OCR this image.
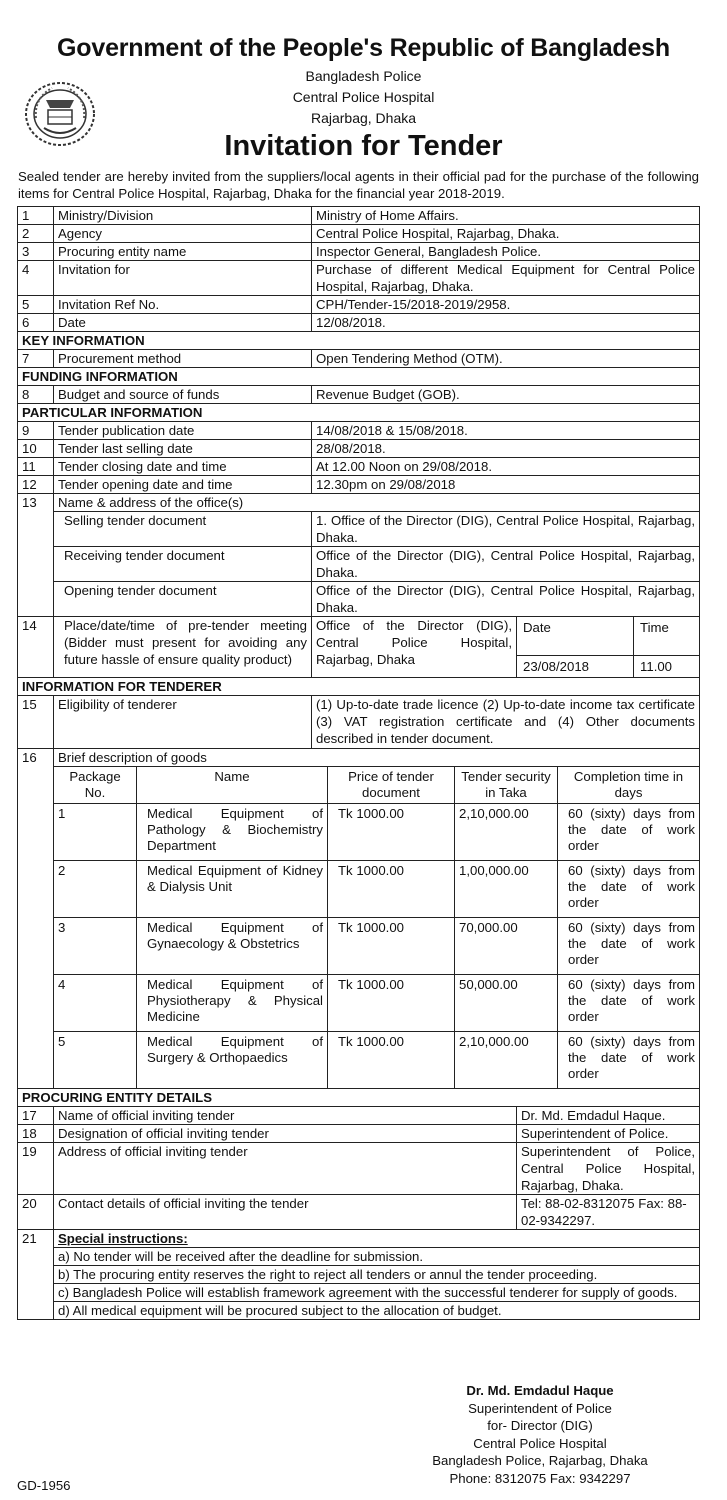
Government of the People's Republic of Bangladesh
Bangladesh Police
Central Police Hospital
Rajarbag, Dhaka
Invitation for Tender
Sealed tender are hereby invited from the suppliers/local agents in their official pad for the purchase of the following items for Central Police Hospital, Rajarbag, Dhaka for the financial year 2018-2019.
1	Ministry/Division	Ministry of Home Affairs.
2	Agency	Central Police Hospital, Rajarbag, Dhaka.
3	Procuring entity name	Inspector General, Bangladesh Police.
4	Invitation for	Purchase of different Medical Equipment for Central Police Hospital, Rajarbag, Dhaka.
5	Invitation Ref No.	CPH/Tender-15/2018-2019/2958.
6	Date	12/08/2018.
KEY INFORMATION
7	Procurement method	Open Tendering Method (OTM).
FUNDING INFORMATION
8	Budget and source of funds	Revenue Budget (GOB).
PARTICULAR INFORMATION
9	Tender publication date	14/08/2018 & 15/08/2018.
10	Tender last selling date	28/08/2018.
11	Tender closing date and time	At 12.00 Noon on 29/08/2018.
12	Tender opening date and time	12.30pm on 29/08/2018
13	Name & address of the office(s)
Selling tender document	1. Office of the Director (DIG), Central Police Hospital, Rajarbag, Dhaka.
Receiving tender document	Office of the Director (DIG), Central Police Hospital, Rajarbag, Dhaka.
Opening tender document	Office of the Director (DIG), Central Police Hospital, Rajarbag, Dhaka.
14	Place/date/time of pre-tender meeting (Bidder must present for avoiding any future hassle of ensure quality product)	Office of the Director (DIG), Central Police Hospital, Rajarbag, Dhaka	
Date	Time
23/08/2018	11.00

INFORMATION FOR TENDERER
15	Eligibility of tenderer	(1) Up-to-date trade licence (2) Up-to-date income tax certificate (3) VAT registration certificate and (4) Other documents described in tender document.
16	Brief description of goods

Package No.	Name	Price of tender document	Tender security in Taka	Completion time in days
1	Medical Equipment of Pathology & Biochemistry Department	Tk 1000.00	2,10,000.00	60 (sixty) days from the date of work order
2	Medical Equipment of Kidney & Dialysis Unit	Tk 1000.00	1,00,000.00	60 (sixty) days from the date of work order
3	Medical Equipment of Gynaecology & Obstetrics	Tk 1000.00	70,000.00	60 (sixty) days from the date of work order
4	Medical Equipment of Physiotherapy & Physical Medicine	Tk 1000.00	50,000.00	60 (sixty) days from the date of work order
5	Medical Equipment of Surgery & Orthopaedics	Tk 1000.00	2,10,000.00	60 (sixty) days from the date of work order

PROCURING ENTITY DETAILS
17	Name of official inviting tender	Dr. Md. Emdadul Haque.
18	Designation of official inviting tender	Superintendent of Police.
19	Address of official inviting tender	Superintendent of Police, Central Police Hospital, Rajarbag, Dhaka.
20	Contact details of official inviting the tender	Tel: 88-02-8312075 Fax: 88-02-9342297.
21	Special instructions:
a) No tender will be received after the deadline for submission.
b) The procuring entity reserves the right to reject all tenders or annul the tender proceeding.
c) Bangladesh Police will establish framework agreement with the successful tenderer for supply of goods.
d) All medical equipment will be procured subject to the allocation of budget.
Dr. Md. Emdadul Haque
Superintendent of Police
for- Director (DIG)
Central Police Hospital
Bangladesh Police, Rajarbag, Dhaka
Phone: 8312075 Fax: 9342297
GD-1956
